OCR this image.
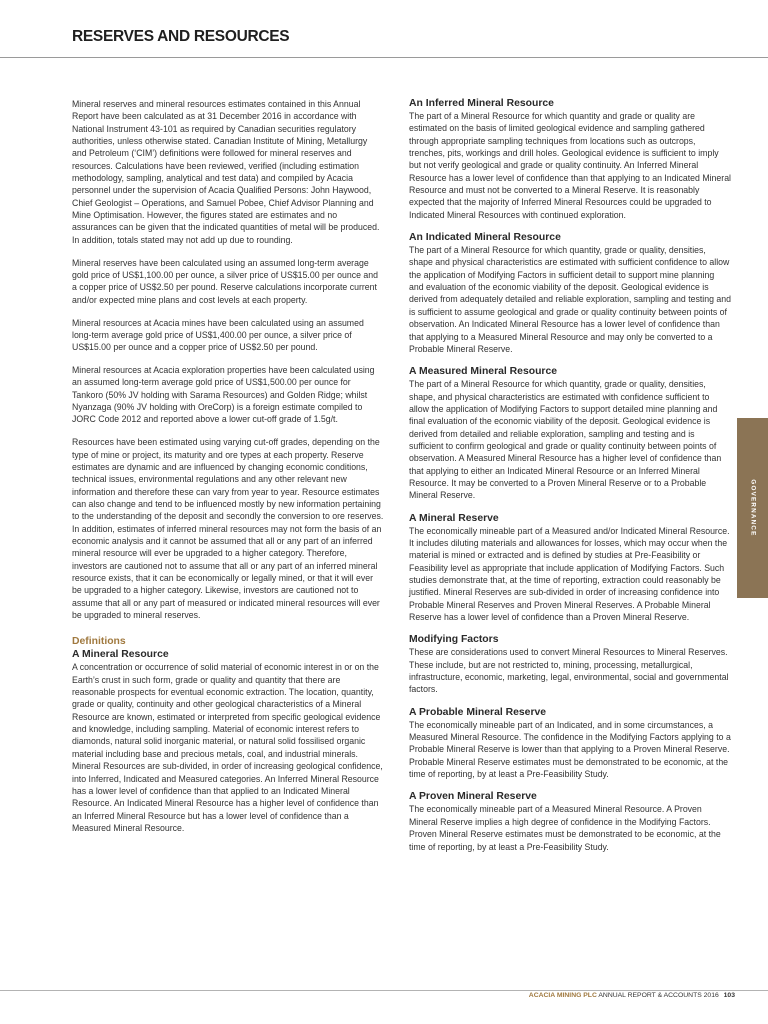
RESERVES AND RESOURCES

Mineral reserves and mineral resources estimates contained in this Annual Report have been calculated as at 31 December 2016 in accordance with National Instrument 43-101 as required by Canadian securities regulatory authorities, unless otherwise stated. Canadian Institute of Mining, Metallurgy and Petroleum (‘CIM’) definitions were followed for mineral reserves and resources. Calculations have been reviewed, verified (including estimation methodology, sampling, analytical and test data) and compiled by Acacia personnel under the supervision of Acacia Qualified Persons: John Haywood, Chief Geologist – Operations, and Samuel Pobee, Chief Advisor Planning and Mine Optimisation. However, the figures stated are estimates and no assurances can be given that the indicated quantities of metal will be produced. In addition, totals stated may not add up due to rounding.

Mineral reserves have been calculated using an assumed long-term average gold price of US$1,100.00 per ounce, a silver price of US$15.00 per ounce and a copper price of US$2.50 per pound. Reserve calculations incorporate current and/or expected mine plans and cost levels at each property.

Mineral resources at Acacia mines have been calculated using an assumed long-term average gold price of US$1,400.00 per ounce, a silver price of US$15.00 per ounce and a copper price of US$2.50 per pound.

Mineral resources at Acacia exploration properties have been calculated using an assumed long-term average gold price of US$1,500.00 per ounce for Tankoro (50% JV holding with Sarama Resources) and Golden Ridge; whilst Nyanzaga (90% JV holding with OreCorp) is a foreign estimate compiled to JORC Code 2012 and reported above a lower cut-off grade of 1.5g/t.

Resources have been estimated using varying cut-off grades, depending on the type of mine or project, its maturity and ore types at each property. Reserve estimates are dynamic and are influenced by changing economic conditions, technical issues, environmental regulations and any other relevant new information and therefore these can vary from year to year. Resource estimates can also change and tend to be influenced mostly by new information pertaining to the understanding of the deposit and secondly the conversion to ore reserves. In addition, estimates of inferred mineral resources may not form the basis of an economic analysis and it cannot be assumed that all or any part of an inferred mineral resource will ever be upgraded to a higher category. Therefore, investors are cautioned not to assume that all or any part of an inferred mineral resource exists, that it can be economically or legally mined, or that it will ever be upgraded to a higher category. Likewise, investors are cautioned not to assume that all or any part of measured or indicated mineral resources will ever be upgraded to mineral reserves.

Definitions
A Mineral Resource

A concentration or occurrence of solid material of economic interest in or on the Earth’s crust in such form, grade or quality and quantity that there are reasonable prospects for eventual economic extraction. The location, quantity, grade or quality, continuity and other geological characteristics of a Mineral Resource are known, estimated or interpreted from specific geological evidence and knowledge, including sampling. Material of economic interest refers to diamonds, natural solid inorganic material, or natural solid fossilised organic material including base and precious metals, coal, and industrial minerals. Mineral Resources are sub-divided, in order of increasing geological confidence, into Inferred, Indicated and Measured categories. An Inferred Mineral Resource has a lower level of confidence than that applied to an Indicated Mineral Resource. An Indicated Mineral Resource has a higher level of confidence than an Inferred Mineral Resource but has a lower level of confidence than a Measured Mineral Resource.

An Inferred Mineral Resource

The part of a Mineral Resource for which quantity and grade or quality are estimated on the basis of limited geological evidence and sampling gathered through appropriate sampling techniques from locations such as outcrops, trenches, pits, workings and drill holes. Geological evidence is sufficient to imply but not verify geological and grade or quality continuity. An Inferred Mineral Resource has a lower level of confidence than that applying to an Indicated Mineral Resource and must not be converted to a Mineral Reserve. It is reasonably expected that the majority of Inferred Mineral Resources could be upgraded to Indicated Mineral Resources with continued exploration.

An Indicated Mineral Resource

The part of a Mineral Resource for which quantity, grade or quality, densities, shape and physical characteristics are estimated with sufficient confidence to allow the application of Modifying Factors in sufficient detail to support mine planning and evaluation of the economic viability of the deposit. Geological evidence is derived from adequately detailed and reliable exploration, sampling and testing and is sufficient to assume geological and grade or quality continuity between points of observation. An Indicated Mineral Resource has a lower level of confidence than that applying to a Measured Mineral Resource and may only be converted to a Probable Mineral Reserve.

A Measured Mineral Resource

The part of a Mineral Resource for which quantity, grade or quality, densities, shape, and physical characteristics are estimated with confidence sufficient to allow the application of Modifying Factors to support detailed mine planning and final evaluation of the economic viability of the deposit. Geological evidence is derived from detailed and reliable exploration, sampling and testing and is sufficient to confirm geological and grade or quality continuity between points of observation. A Measured Mineral Resource has a higher level of confidence than that applying to either an Indicated Mineral Resource or an Inferred Mineral Resource. It may be converted to a Proven Mineral Reserve or to a Probable Mineral Reserve.

A Mineral Reserve

The economically mineable part of a Measured and/or Indicated Mineral Resource. It includes diluting materials and allowances for losses, which may occur when the material is mined or extracted and is defined by studies at Pre-Feasibility or Feasibility level as appropriate that include application of Modifying Factors. Such studies demonstrate that, at the time of reporting, extraction could reasonably be justified. Mineral Reserves are sub-divided in order of increasing confidence into Probable Mineral Reserves and Proven Mineral Reserves. A Probable Mineral Reserve has a lower level of confidence than a Proven Mineral Reserve.

Modifying Factors

These are considerations used to convert Mineral Resources to Mineral Reserves. These include, but are not restricted to, mining, processing, metallurgical, infrastructure, economic, marketing, legal, environmental, social and governmental factors.

A Probable Mineral Reserve

The economically mineable part of an Indicated, and in some circumstances, a Measured Mineral Resource. The confidence in the Modifying Factors applying to a Probable Mineral Reserve is lower than that applying to a Proven Mineral Reserve. Probable Mineral Reserve estimates must be demonstrated to be economic, at the time of reporting, by at least a Pre-Feasibility Study.

A Proven Mineral Reserve

The economically mineable part of a Measured Mineral Resource. A Proven Mineral Reserve implies a high degree of confidence in the Modifying Factors. Proven Mineral Reserve estimates must be demonstrated to be economic, at the time of reporting, by at least a Pre-Feasibility Study.

GOVERNANCE
ACACIA MINING PLC ANNUAL REPORT & ACCOUNTS 2016 103
